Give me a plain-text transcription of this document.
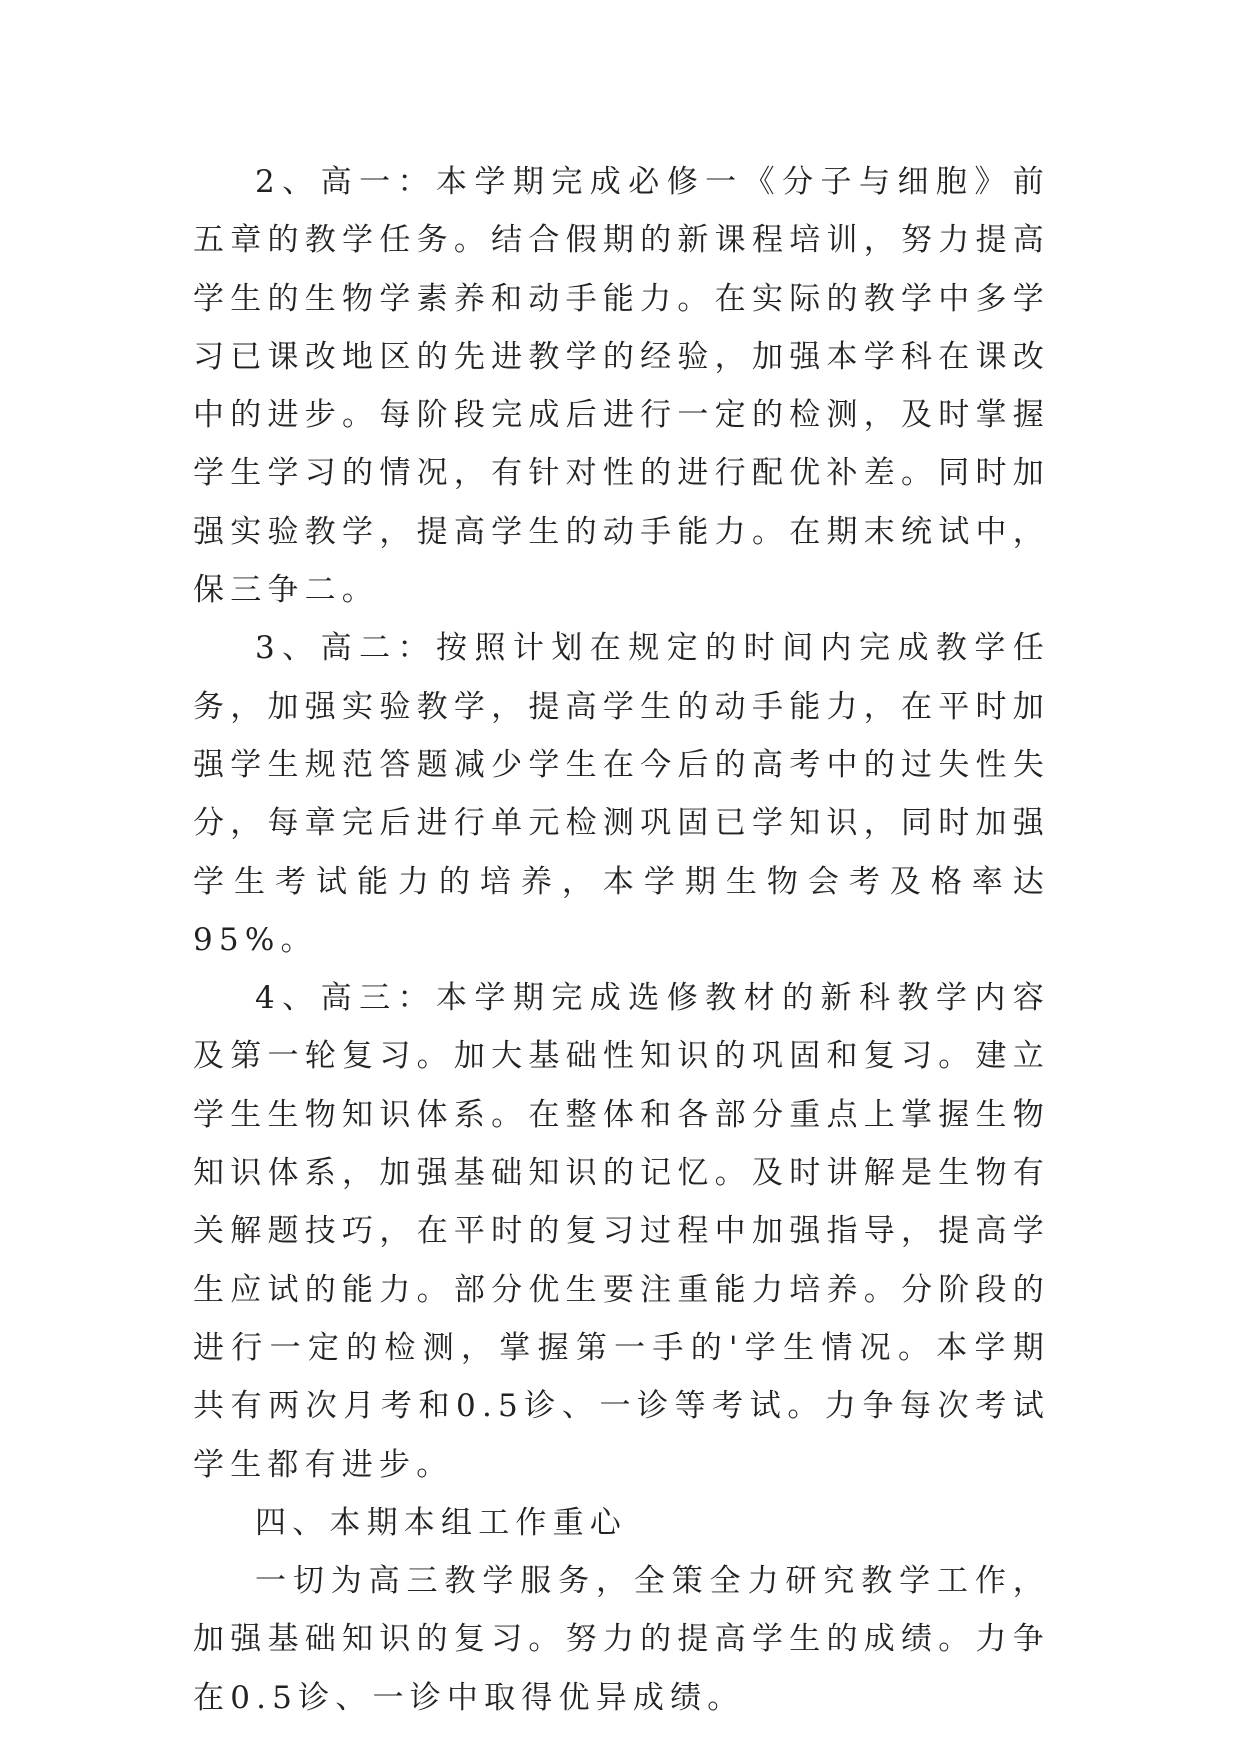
2、高一：本学期完成必修一《分子与细胞》前五章的教学任务。结合假期的新课程培训，努力提高学生的生物学素养和动手能力。在实际的教学中多学习已课改地区的先进教学的经验，加强本学科在课改中的进步。每阶段完成后进行一定的检测，及时掌握学生学习的情况，有针对性的进行配优补差。同时加强实验教学，提高学生的动手能力。在期末统试中，保三争二。

3、高二：按照计划在规定的时间内完成教学任务，加强实验教学，提高学生的动手能力，在平时加强学生规范答题减少学生在今后的高考中的过失性失分，每章完后进行单元检测巩固已学知识，同时加强学生考试能力的培养，本学期生物会考及格率达95%。

4、高三：本学期完成选修教材的新科教学内容及第一轮复习。加大基础性知识的巩固和复习。建立学生生物知识体系。在整体和各部分重点上掌握生物知识体系，加强基础知识的记忆。及时讲解是生物有关解题技巧，在平时的复习过程中加强指导，提高学生应试的能力。部分优生要注重能力培养。分阶段的进行一定的检测，掌握第一手的'学生情况。本学期共有两次月考和0.5诊、一诊等考试。力争每次考试学生都有进步。

四、本期本组工作重心

一切为高三教学服务，全策全力研究教学工作，加强基础知识的复习。努力的提高学生的成绩。力争在0.5诊、一诊中取得优异成绩。
